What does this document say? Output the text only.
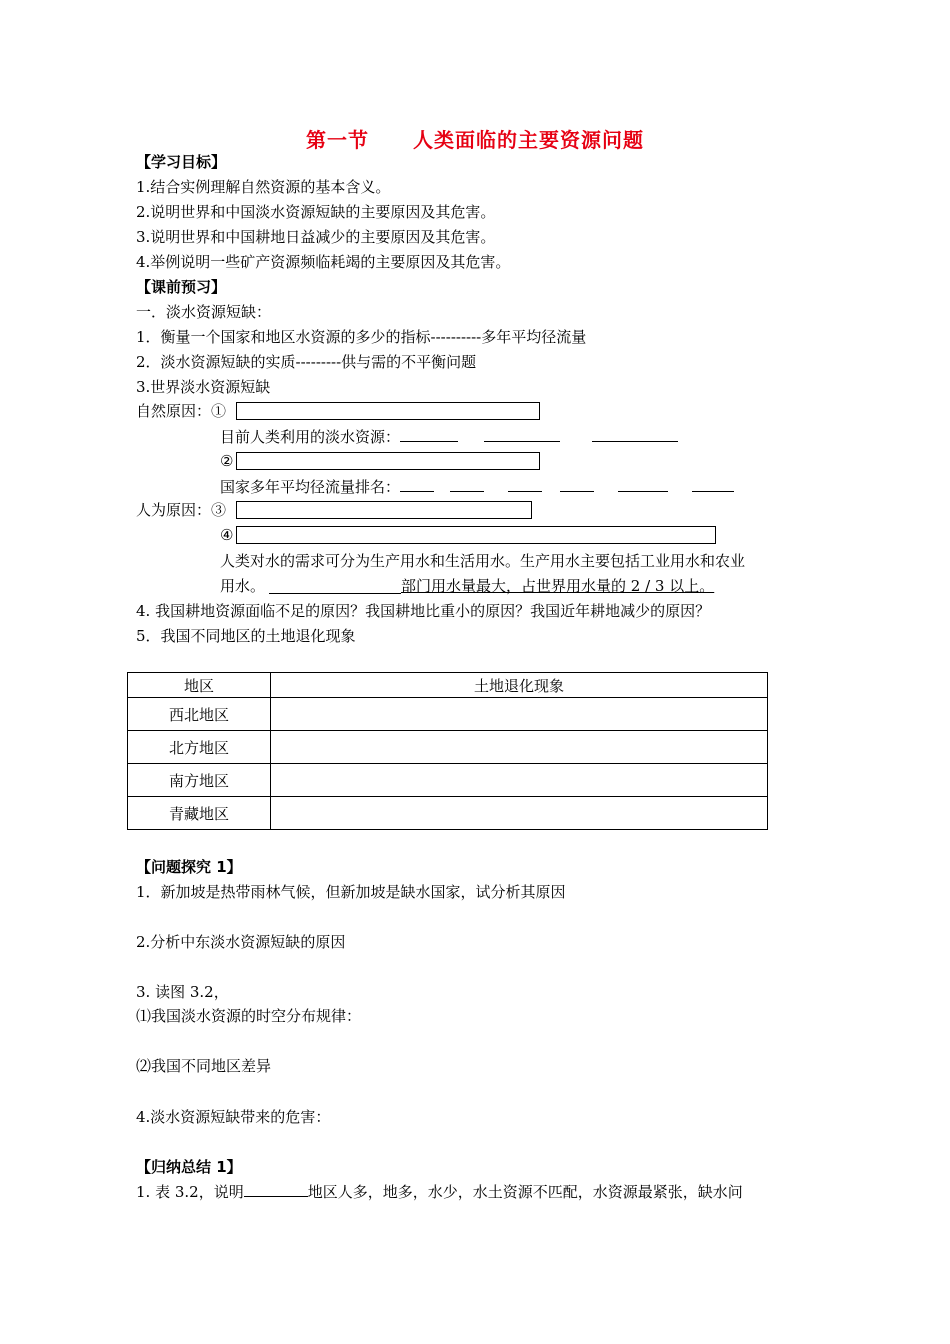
第一节 人类面临的主要资源问题
【学习目标】
1.结合实例理解自然资源的基本含义。
2.说明世界和中国淡水资源短缺的主要原因及其危害。
3.说明世界和中国耕地日益减少的主要原因及其危害。
4.举例说明一些矿产资源频临耗竭的主要原因及其危害。
【课前预习】
一．淡水资源短缺：
1．衡量一个国家和地区水资源的多少的指标----------多年平均径流量
2．淡水资源短缺的实质---------供与需的不平衡问题
3.世界淡水资源短缺
自然原因：①
目前人类利用的淡水资源：
②
国家多年平均径流量排名：
人为原因：③
④
人类对水的需求可分为生产用水和生活用水。生产用水主要包括工业用水和农业
用水。	部门用水量最大，占世界用水量的 2 / 3 以上。
4. 我国耕地资源面临不足的原因？我国耕地比重小的原因？我国近年耕地减少的原因？
5．我国不同地区的土地退化现象
地区	土地退化现象
西北地区	
北方地区	
南方地区	
青藏地区	
【问题探究 1】
1．新加坡是热带雨林气候，但新加坡是缺水国家，试分析其原因
2.分析中东淡水资源短缺的原因
3. 读图 3.2，
⑴我国淡水资源的时空分布规律：
⑵我国不同地区差异
4.淡水资源短缺带来的危害：
【归纳总结 1】
1. 表 3.2，说明	地区人多，地多，水少，水土资源不匹配，水资源最紧张，缺水问
